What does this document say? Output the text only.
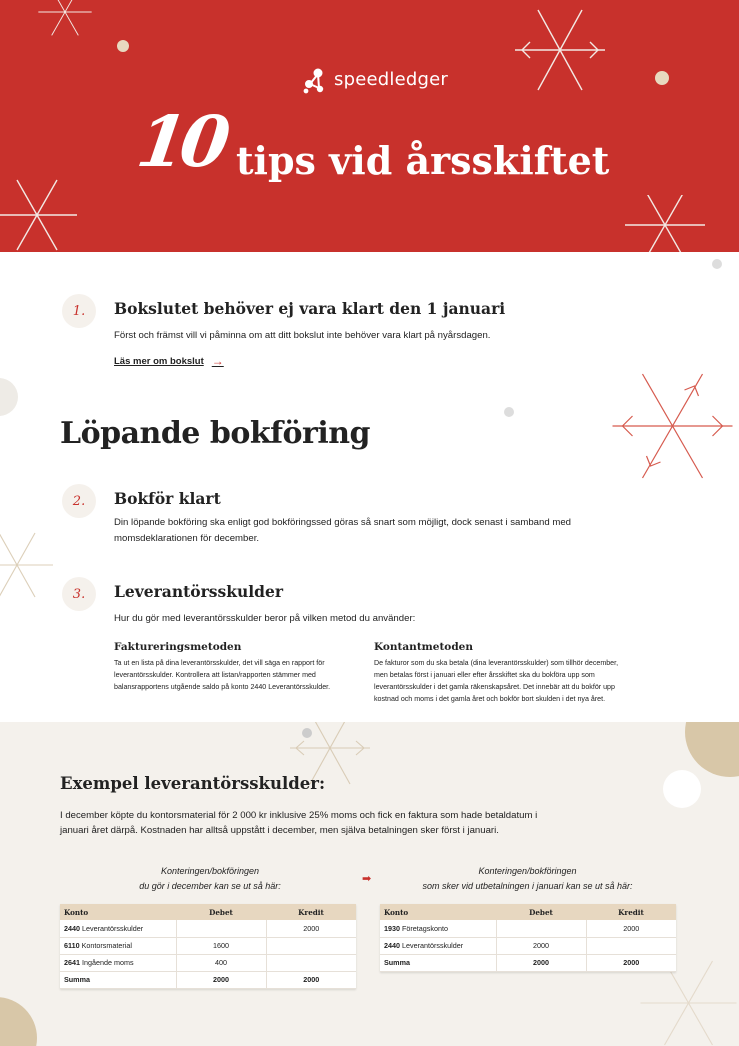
speedledger
10 tips vid årsskiftet
1.	Bokslutet behöver ej vara klart den 1 januari
Först och främst vill vi påminna om att ditt bokslut inte behöver vara klart på nyårsdagen.
Läs mer om bokslut →
Löpande bokföring
2.	Bokför klart
Din löpande bokföring ska enligt god bokföringssed göras så snart som möjligt, dock senast i samband med
momsdeklarationen för december.
3.	Leverantörsskulder
Hur du gör med leverantörsskulder beror på vilken metod du använder:
Faktureringsmetoden
Ta ut en lista på dina leverantörsskulder, det vill säga en rapport för
leverantörsskulder. Kontrollera att listan/rapporten stämmer med
balansrapportens utgående saldo på konto 2440 Leverantörsskulder.
Kontantmetoden
De fakturor som du ska betala (dina leverantörsskulder) som tillhör december,
men betalas först i januari eller efter årsskiftet ska du bokföra upp som
leverantörsskulder i det gamla räkenskapsåret. Det innebär att du bokför upp
kostnad och moms i det gamla året och bokför bort skulden i det nya året.
Exempel leverantörsskulder:
I december köpte du kontorsmaterial för 2 000 kr inklusive 25% moms och fick en faktura som hade betaldatum i
januari året därpå. Kostnaden har alltså uppstått i december, men själva betalningen sker först i januari.
Konteringen/bokföringen
du gör i december kan se ut så här:
➡
Konteringen/bokföringen
som sker vid utbetalningen i januari kan se ut så här:
Konto	Debet	Kredit
2440 Leverantörsskulder		2000
6110 Kontorsmaterial	1600	
2641 Ingående moms	400	
Summa	2000	2000
Konto	Debet	Kredit
1930 Företagskonto		2000
2440 Leverantörsskulder	2000	
Summa	2000	2000
